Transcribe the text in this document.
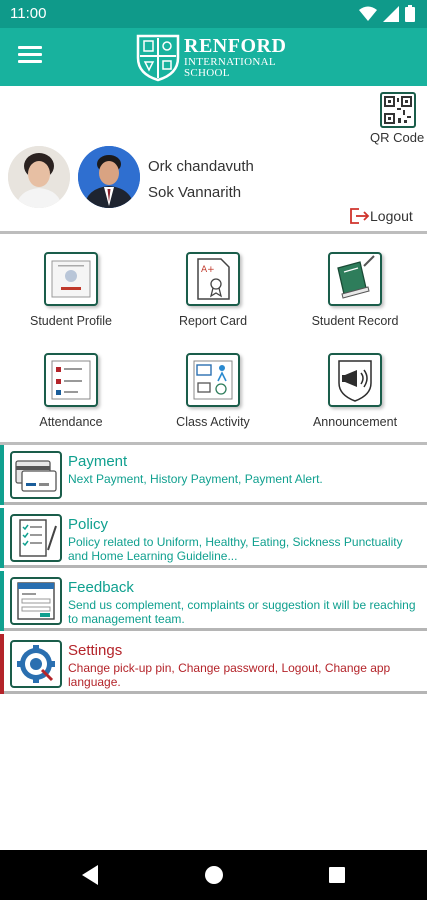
11:00
RENFORD
INTERNATIONAL
SCHOOL
QR Code
Ork chandavuth
Sok Vannarith
Logout
Student Profile
A+
Report Card	Student Record
Attendance	Class Activity	Announcement
Payment
Next Payment, History Payment, Payment Alert.
Policy
Policy related to Uniform, Healthy, Eating, Sickness Punctuality and Home Learning Guideline...
Feedback
Send us complement, complaints or suggestion it will be reaching to management team.
Settings
Change pick-up pin, Change password, Logout, Change app language.
